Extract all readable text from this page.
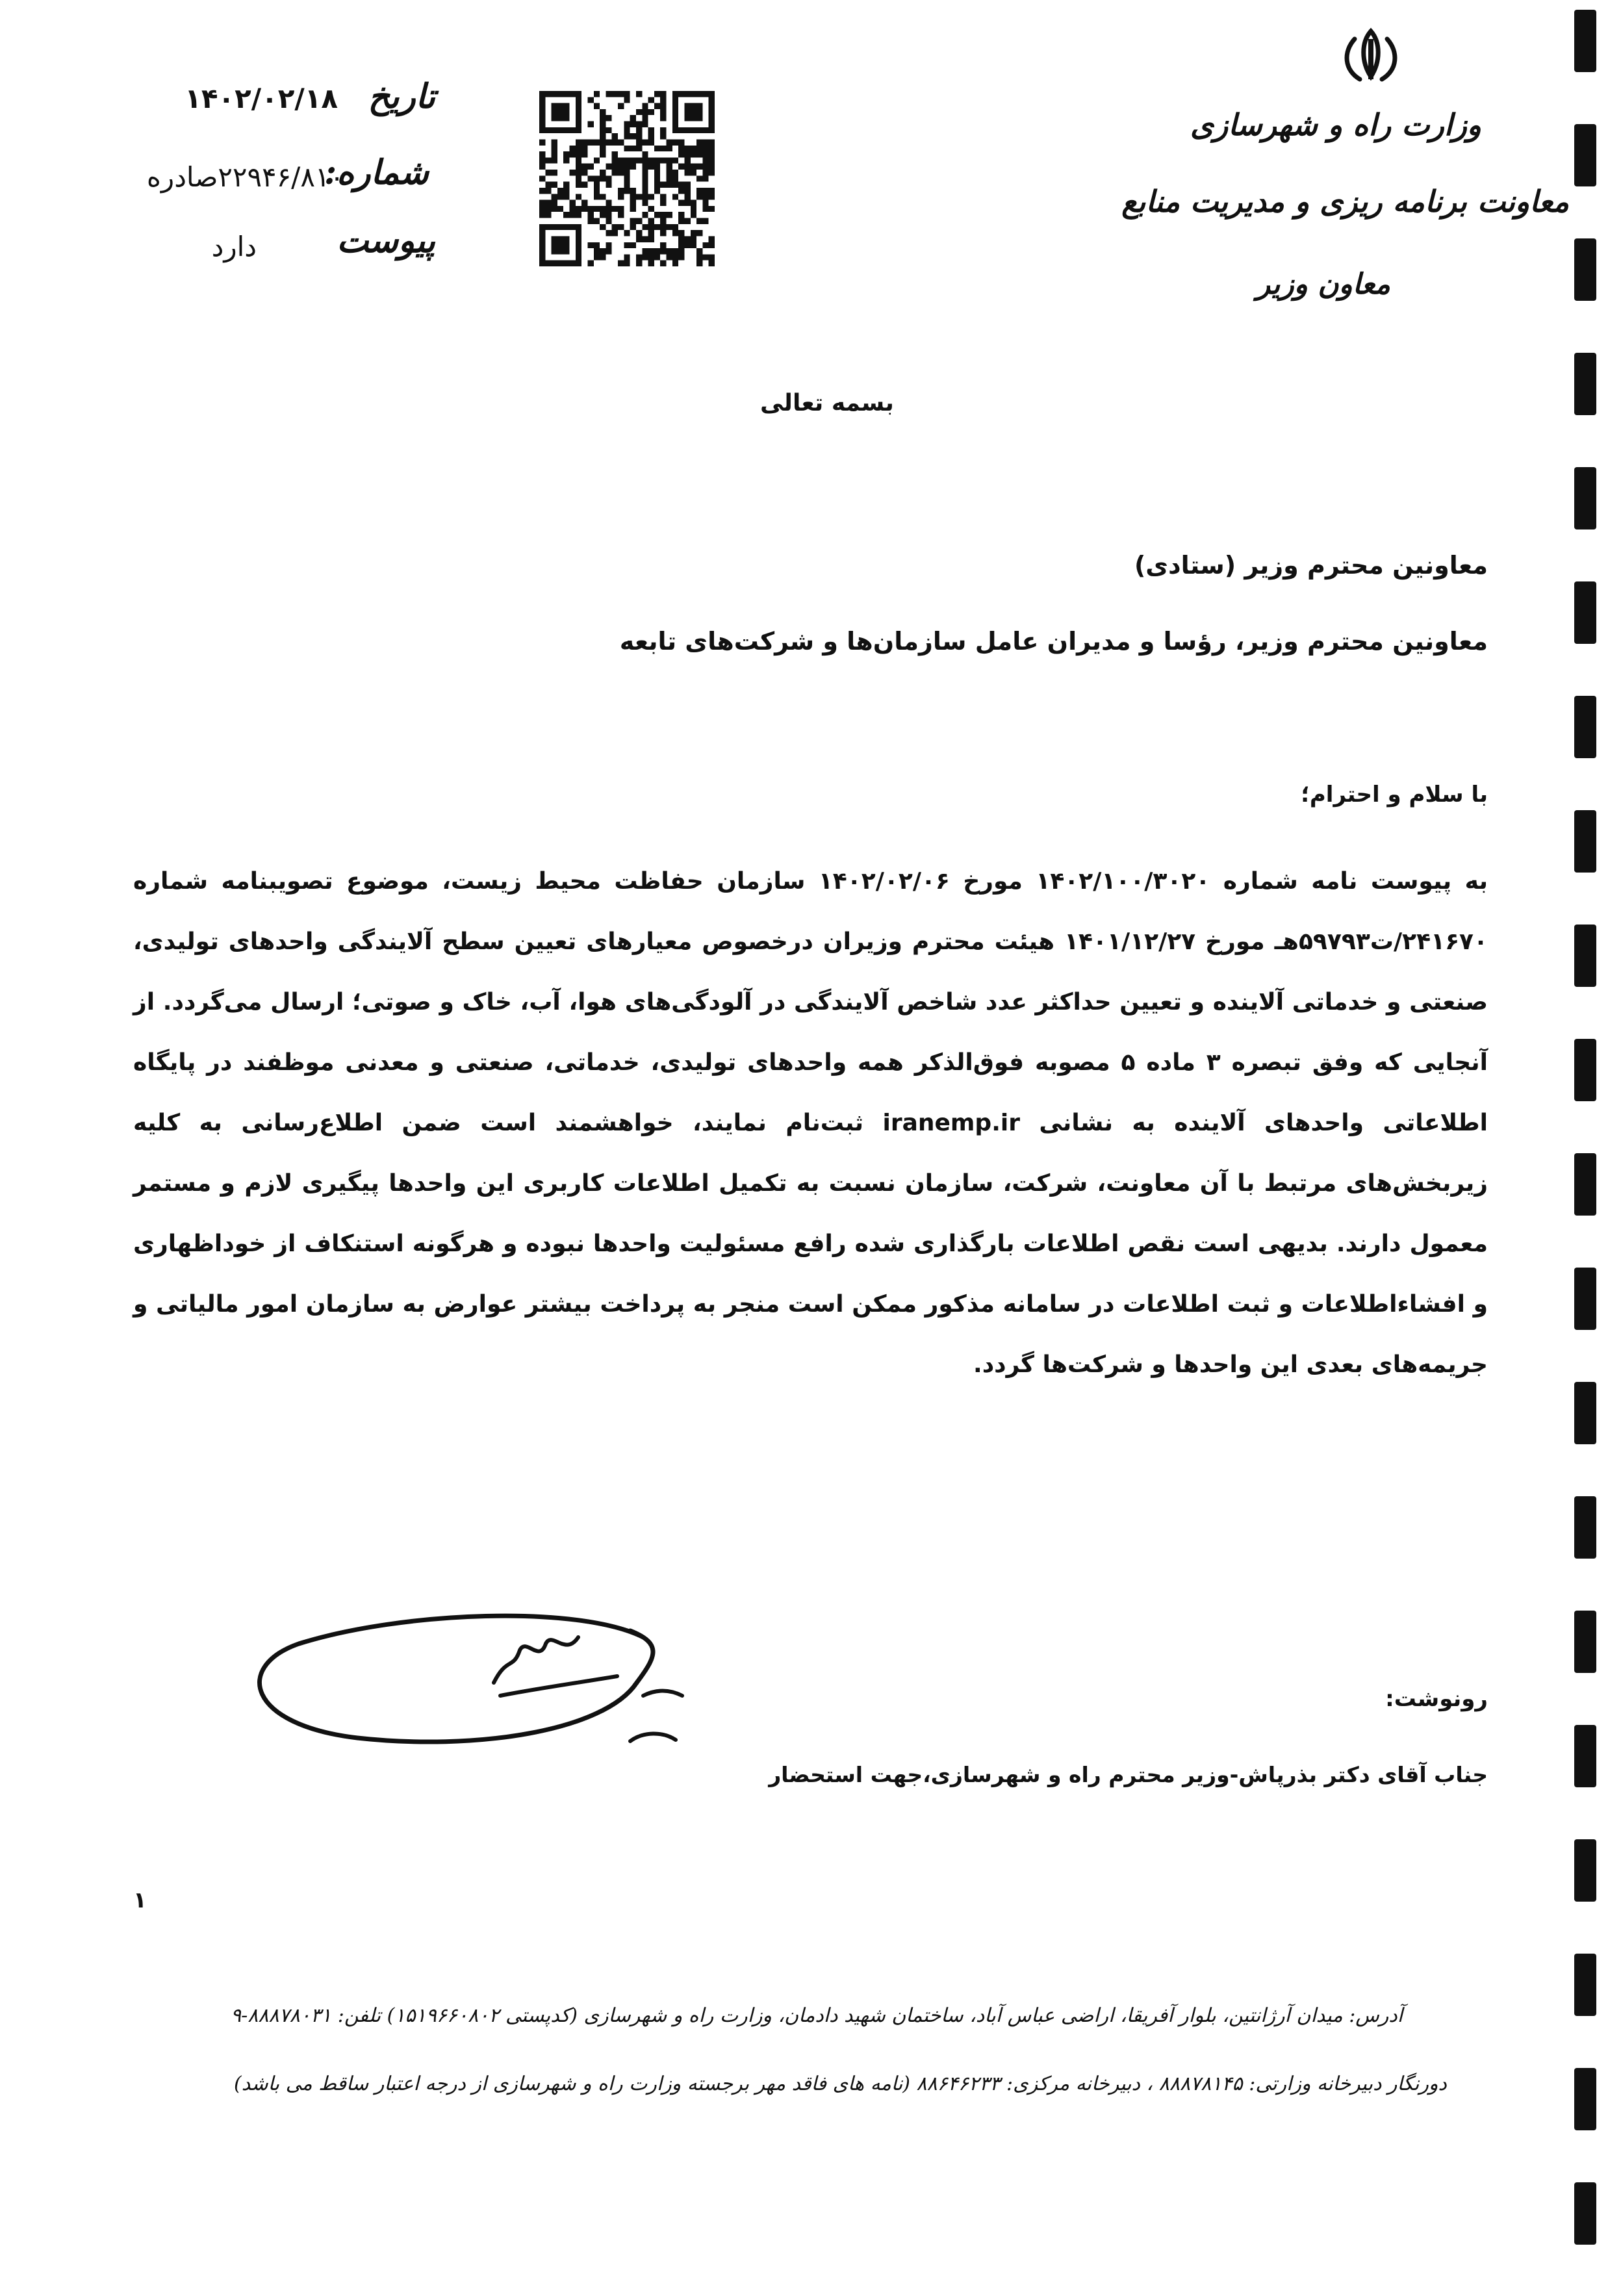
وزارت راه و شهرسازی
معاونت برنامه ریزی و مدیریت منابع
معاون وزیر
تاریخ
۱۴۰۲/۰۲/۱۸
شماره:
۲۲۹۴۶/۸۱۰صادره
پیوست
دارد
بسمه تعالی
معاونین محترم وزیر (ستادی)
معاونین محترم وزیر، رؤسا و مدیران عامل سازمان‌ها و شرکت‌های تابعه
با سلام و احترام؛
به پیوست نامه شماره ۱۴۰۲/۱۰۰/۳۰۲۰ مورخ ۱۴۰۲/۰۲/۰۶ سازمان حفاظت محیط زیست، موضوع تصویبنامه شماره ۲۴۱۶۷۰/ت۵۹۷۹۳هـ مورخ ۱۴۰۱/۱۲/۲۷ هیئت محترم وزیران درخصوص معیارهای تعیین سطح آلایندگی واحدهای تولیدی، صنعتی و خدماتی آلاینده و تعیین حداکثر عدد شاخص آلایندگی در آلودگی‌های هوا، آب، خاک و صوتی؛ ارسال می‌گردد. از آنجایی که وفق تبصره ۳ ماده ۵ مصوبه فوق‌الذکر همه واحدهای تولیدی، خدماتی، صنعتی و معدنی موظفند در پایگاه اطلاعاتی واحدهای آلاینده به نشانی iranemp.ir ثبت‌نام نمایند، خواهشمند است ضمن اطلاع‌رسانی به کلیه زیربخش‌های مرتبط با آن معاونت، شرکت، سازمان نسبت به تکمیل اطلاعات کاربری این واحدها پیگیری لازم و مستمر معمول دارند. بدیهی است نقص اطلاعات بارگذاری شده رافع مسئولیت واحدها نبوده و هرگونه استنکاف از خوداظهاری و افشاءاطلاعات و ثبت اطلاعات در سامانه مذکور ممکن است منجر به پرداخت بیشتر عوارض به سازمان امور مالیاتی و جریمه‌های بعدی این واحدها و شرکت‌ها گردد.
رونوشت:
جناب آقای دکتر بذرپاش-وزیر محترم راه و شهرسازی،جهت استحضار
۱
آدرس: میدان آرژانتین، بلوار آفریقا، اراضی عباس آباد، ساختمان شهید دادمان، وزارت راه و شهرسازی (کدپستی ۱۵۱۹۶۶۰۸۰۲) تلفن: ۸۸۸۷۸۰۳۱-۹
دورنگار دبیرخانه وزارتی: ۸۸۸۷۸۱۴۵ ، دبیرخانه مرکزی: ۸۸۶۴۶۲۳۳ (نامه های فاقد مهر برجسته وزارت راه و شهرسازی از درجه اعتبار ساقط می باشد)
